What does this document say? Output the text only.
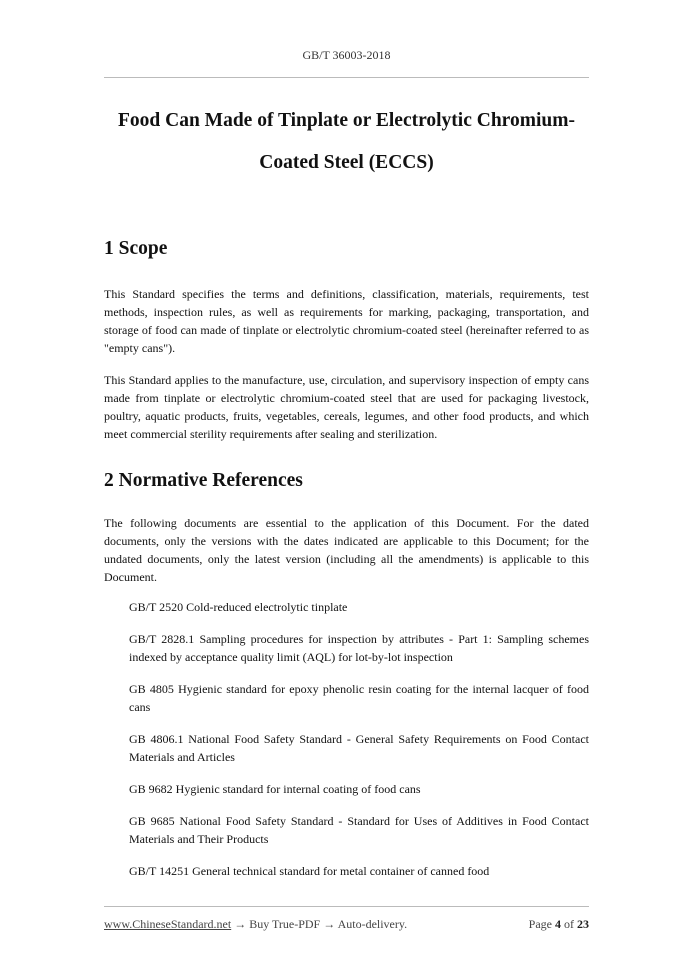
GB/T 36003-2018
Food Can Made of Tinplate or Electrolytic Chromium-
Coated Steel (ECCS)
1 Scope
This Standard specifies the terms and definitions, classification, materials, requirements, test methods, inspection rules, as well as requirements for marking, packaging, transportation, and storage of food can made of tinplate or electrolytic chromium-coated steel (hereinafter referred to as "empty cans").
This Standard applies to the manufacture, use, circulation, and supervisory inspection of empty cans made from tinplate or electrolytic chromium-coated steel that are used for packaging livestock, poultry, aquatic products, fruits, vegetables, cereals, legumes, and other food products, and which meet commercial sterility requirements after sealing and sterilization.
2 Normative References
The following documents are essential to the application of this Document. For the dated documents, only the versions with the dates indicated are applicable to this Document; for the undated documents, only the latest version (including all the amendments) is applicable to this Document.
GB/T 2520 Cold-reduced electrolytic tinplate
GB/T 2828.1 Sampling procedures for inspection by attributes - Part 1: Sampling schemes indexed by acceptance quality limit (AQL) for lot-by-lot inspection
GB 4805 Hygienic standard for epoxy phenolic resin coating for the internal lacquer of food cans
GB 4806.1 National Food Safety Standard - General Safety Requirements on Food Contact Materials and Articles
GB 9682 Hygienic standard for internal coating of food cans
GB 9685 National Food Safety Standard - Standard for Uses of Additives in Food Contact Materials and Their Products
GB/T 14251 General technical standard for metal container of canned food
www.ChineseStandard.net → Buy True-PDF → Auto-delivery.	Page 4 of 23
